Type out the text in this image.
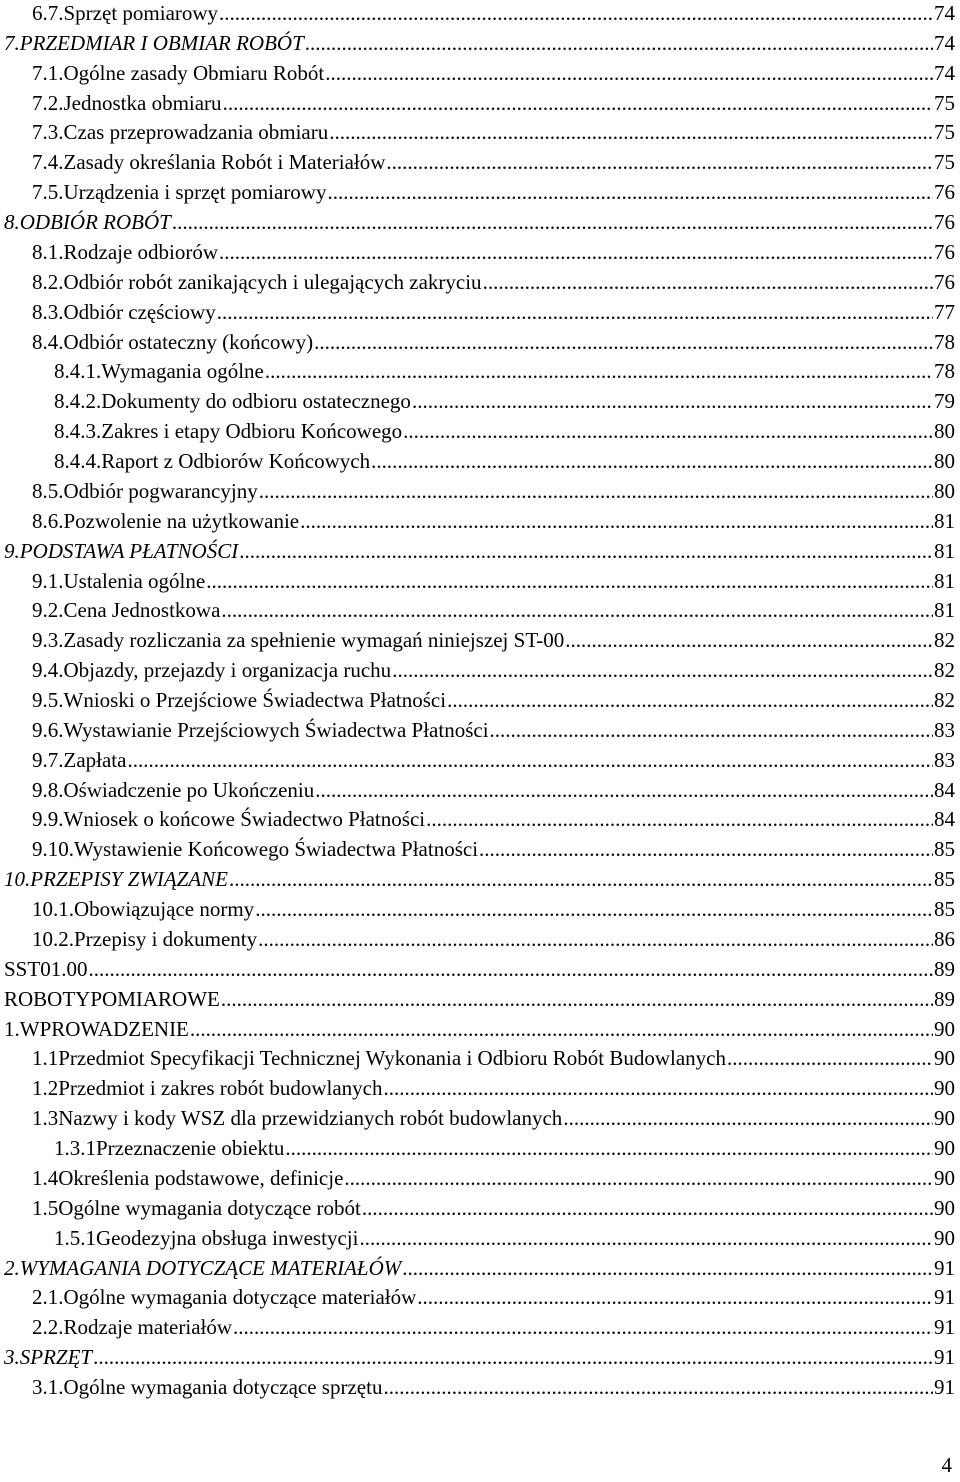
6.7. Sprzęt pomiarowy .....	74
7. PRZEDMIAR I OBMIAR ROBÓT .....	74
7.1. Ogólne zasady Obmiaru Robót .....	74
7.2. Jednostka obmiaru .....	75
7.3. Czas przeprowadzania obmiaru .....	75
7.4. Zasady określania Robót i Materiałów .....	75
7.5. Urządzenia i sprzęt pomiarowy .....	76
8. ODBIÓR ROBÓT .....	76
8.1. Rodzaje odbiorów .....	76
8.2. Odbiór robót zanikających i ulegających zakryciu .....	76
8.3. Odbiór częściowy .....	77
8.4. Odbiór ostateczny (końcowy) .....	78
8.4.1. Wymagania ogólne .....	78
8.4.2. Dokumenty do odbioru ostatecznego .....	79
8.4.3. Zakres i etapy Odbioru Końcowego .....	80
8.4.4. Raport z Odbiorów Końcowych .....	80
8.5. Odbiór pogwarancyjny .....	80
8.6. Pozwolenie na użytkowanie .....	81
9. PODSTAWA PŁATNOŚCI .....	81
9.1. Ustalenia ogólne .....	81
9.2. Cena Jednostkowa .....	81
9.3. Zasady rozliczania za spełnienie wymagań niniejszej ST-00 .....	82
9.4. Objazdy, przejazdy i organizacja ruchu .....	82
9.5. Wnioski o Przejściowe Świadectwa Płatności .....	82
9.6. Wystawianie Przejściowych Świadectwa Płatności .....	83
9.7. Zapłata .....	83
9.8. Oświadczenie po Ukończeniu .....	84
9.9. Wniosek o końcowe Świadectwo Płatności .....	84
9.10. Wystawienie Końcowego Świadectwa Płatności .....	85
10. PRZEPISY ZWIĄZANE .....	85
10.1. Obowiązujące normy .....	85
10.2. Przepisy i dokumenty .....	86
SST 01.00 .....	89
ROBOTY POMIAROWE .....	89
1. WPROWADZENIE .....	90
1.1 Przedmiot Specyfikacji Technicznej Wykonania i Odbioru Robót Budowlanych .....	90
1.2 Przedmiot i zakres robót budowlanych .....	90
1.3 Nazwy i kody WSZ dla przewidzianych robót budowlanych .....	90
1.3.1 Przeznaczenie obiektu .....	90
1.4 Określenia podstawowe, definicje .....	90
1.5 Ogólne wymagania dotyczące robót .....	90
1.5.1 Geodezyjna obsługa inwestycji .....	90
2. WYMAGANIA DOTYCZĄCE MATERIAŁÓW .....	91
2.1. Ogólne wymagania dotyczące materiałów .....	91
2.2. Rodzaje materiałów .....	91
3. SPRZĘT .....	91
3.1. Ogólne wymagania dotyczące sprzętu .....	91
4
